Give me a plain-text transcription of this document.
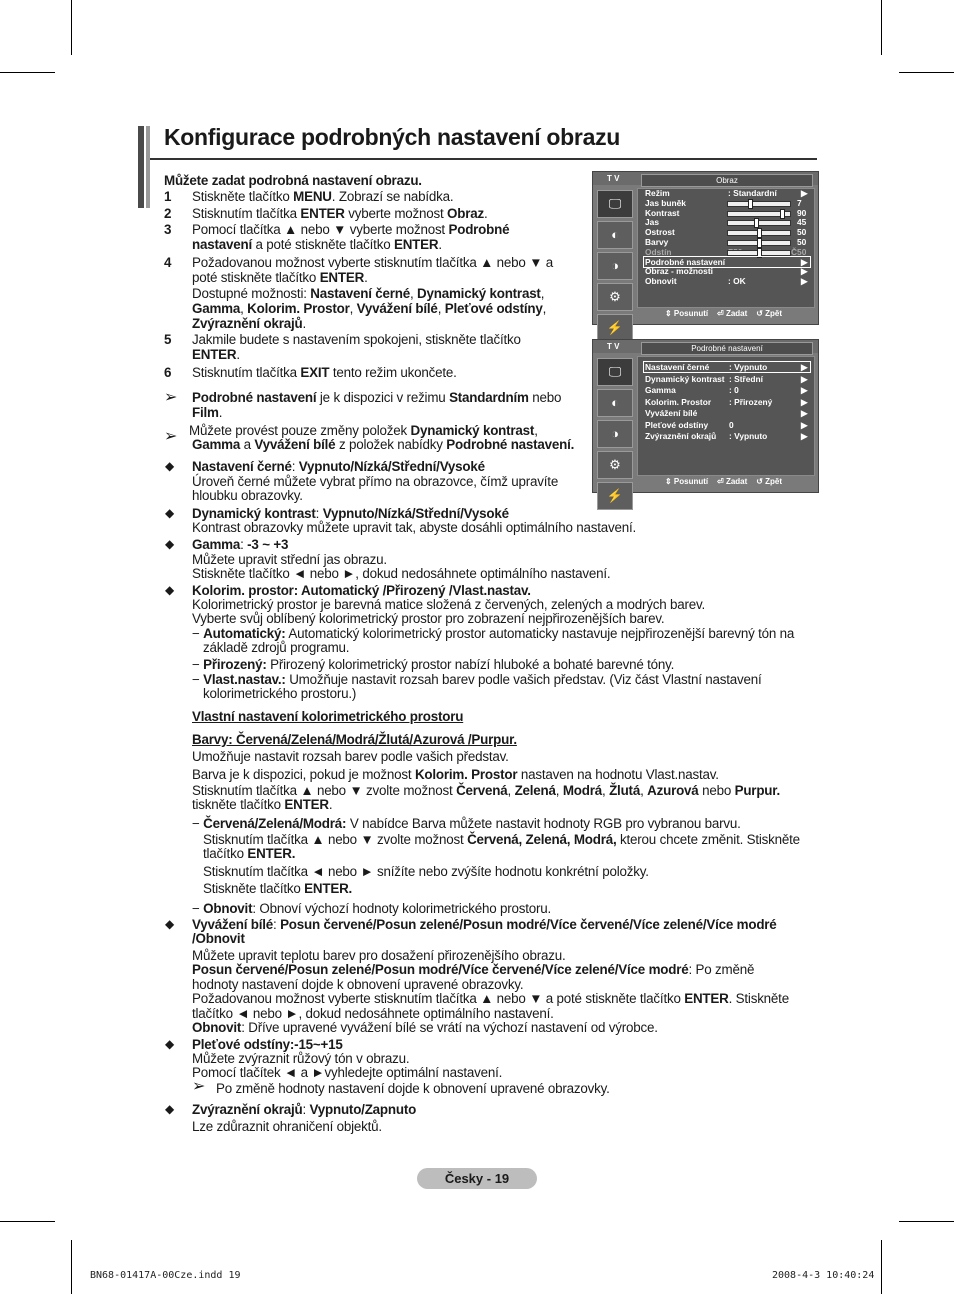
Konfigurace podrobných nastavení obrazu
Můžete zadat podrobná nastavení obrazu.
1 Stiskněte tlačítko MENU. Zobrazí se nabídka.
2 Stisknutím tlačítka ENTER vyberte možnost Obraz.
3 Pomocí tlačítka ▲ nebo ▼ vyberte možnost Podrobné
nastavení a poté stiskněte tlačítko ENTER.
4 Požadovanou možnost vyberte stisknutím tlačítka ▲ nebo ▼ a
poté stiskněte tlačítko ENTER.
Dostupné možnosti: Nastavení černé, Dynamický kontrast,
Gamma, Kolorim. Prostor, Vyvážení bílé, Pleťové odstíny,
Zvýraznění okrajů.
5 Jakmile budete s nastavením spokojeni, stiskněte tlačítko
ENTER.
6 Stisknutím tlačítka EXIT tento režim ukončete.
➢ Podrobné nastavení je k dispozici v režimu Standardním nebo
Film.
➢ Můžete provést pouze změny položek Dynamický kontrast,
Gamma a Vyvážení bílé z položek nabídky Podrobné nastavení.
◆ Nastavení černé: Vypnuto/Nízká/Střední/Vysoké
Úroveň černé můžete vybrat přímo na obrazovce, čímž upravíte
hloubku obrazovky.
◆ Dynamický kontrast: Vypnuto/Nízká/Střední/Vysoké
Kontrast obrazovky můžete upravit tak, abyste dosáhli optimálního nastavení.
◆ Gamma: -3 ~ +3
Můžete upravit střední jas obrazu.
Stiskněte tlačítko ◄ nebo ►, dokud nedosáhnete optimálního nastavení.
◆ Kolorim. prostor: Automatický /Přirozený /Vlast.nastav.
Kolorimetrický prostor je barevná matice složená z červených, zelených a modrých barev.
Vyberte svůj oblíbený kolorimetrický prostor pro zobrazení nejpřirozenějších barev.
− Automatický: Automatický kolorimetrický prostor automaticky nastavuje nejpřirozenější barevný tón na
základě zdrojů programu.
− Přirozený: Přirozený kolorimetrický prostor nabízí hluboké a bohaté barevné tóny.
− Vlast.nastav.: Umožňuje nastavit rozsah barev podle vašich představ. (Viz část Vlastní nastavení
kolorimetrického prostoru.)
Vlastní nastavení kolorimetrického prostoru
Barvy: Červená/Zelená/Modrá/Žlutá/Azurová /Purpur.
Umožňuje nastavit rozsah barev podle vašich představ.
Barva je k dispozici, pokud je možnost Kolorim. Prostor nastaven na hodnotu Vlast.nastav.
Stisknutím tlačítka ▲ nebo ▼ zvolte možnost Červená, Zelená, Modrá, Žlutá, Azurová nebo Purpur.
tiskněte tlačítko ENTER.
− Červená/Zelená/Modrá: V nabídce Barva můžete nastavit hodnoty RGB pro vybranou barvu.
Stisknutím tlačítka ▲ nebo ▼ zvolte možnost Červená, Zelená, Modrá, kterou chcete změnit. Stiskněte
tlačítko ENTER.
Stisknutím tlačítka ◄ nebo ► snížíte nebo zvýšíte hodnotu konkrétní položky.
Stiskněte tlačítko ENTER.
− Obnovit: Obnoví výchozí hodnoty kolorimetrického prostoru.
◆ Vyvážení bílé: Posun červené/Posun zelené/Posun modré/Více červené/Více zelené/Více modré
/Obnovit
Můžete upravit teplotu barev pro dosažení přirozenějšího obrazu.
Posun červené/Posun zelené/Posun modré/Více červené/Více zelené/Více modré: Po změně
hodnoty nastavení dojde k obnovení upravené obrazovky.
Požadovanou možnost vyberte stisknutím tlačítka ▲ nebo ▼ a poté stiskněte tlačítko ENTER. Stiskněte
tlačítko ◄ nebo ►, dokud nedosáhnete optimálního nastavení.
Obnovit: Dříve upravené vyvážení bílé se vrátí na výchozí nastavení od výrobce.
◆ Pleťové odstíny:-15~+15
Můžete zvýraznit růžový tón v obrazu.
Pomocí tlačítek ◄ a ►vyhledejte optimální nastavení.
Po změně hodnoty nastavení dojde k obnovení upravené obrazovky.
◆ Zvýraznění okrajů: Vypnuto/Zapnuto
Lze zdůraznit ohraničení objektů.
➢
T V	Obraz
🖵
◐
◑
⚙
⚡
Režim	: Standardní	▶
Jas buněk	7
Kontrast	90
Jas	45
Ostrost	50
Barvy	50
Odstín	Č50
Podrobné nastavení	▶
Obraz - možnosti	▶
Obnovit	: OK	▶
⇕ Posunutí ⏎ Zadat ↺ Zpět
T V	Podrobné nastavení
🖵
◐
◑
⚙
⚡
Nastavení černé : Vypnuto	▶
Dynamický kontrast : Střední	▶
Gamma	: 0	▶
Kolorim. Prostor : Přirozený	▶
Vyvážení bílé	▶
Pleťové odstíny 0	▶
Zvýraznění okrajů : Vypnuto	▶
⇕ Posunutí ⏎ Zadat ↺ Zpět
Česky - 19
BN68-01417A-00Cze.indd 19	2008-4-3 10:40:24
